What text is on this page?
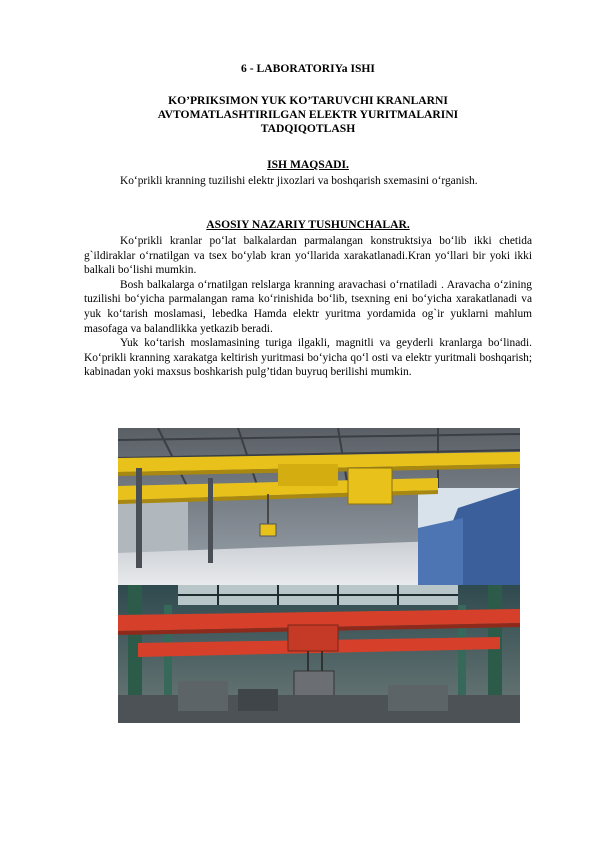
6 - LABORATORIYa ISHI
KO’PRIKSIMON YUK KO’TARUVCHI KRANLARNI
AVTOMATLASHTIRILGAN ELEKTR YURITMALARINI
TADQIQOTLASH
ISH MAQSADI.

Ko‘prikli kranning tuzilishi elektr jixozlari va boshqarish sxemasini o‘rganish.

ASOSIY NAZARIY TUSHUNCHALAR.

Ko‘prikli kranlar po‘lat balkalardan parmalangan konstruktsiya bo‘lib ikki chetida g`ildiraklar o‘rnatilgan va tsex bo‘ylab kran yo‘llarida xarakatlanadi.Kran yo‘llari bir yoki ikki balkali bo‘lishi mumkin.

Bosh balkalarga o‘rnatilgan relslarga kranning aravachasi o‘rnatiladi . Aravacha o‘zining tuzilishi bo‘yicha parmalangan rama ko‘rinishida bo‘lib, tsexning eni bo‘yicha xarakatlanadi va yuk ko‘tarish moslamasi, lebedka Hamda elektr yuritma yordamida og`ir yuklarni mahlum masofaga va balandlikka yetkazib beradi.

Yuk ko‘tarish moslamasining turiga ilgakli, magnitli va geyderli kranlarga bo‘linadi. Ko‘prikli kranning xarakatga keltirish yuritmasi bo‘yicha qo‘l osti va elektr yuritmali boshqarish; kabinadan yoki maxsus boshkarish pulg’tidan buyruq berilishi mumkin.
